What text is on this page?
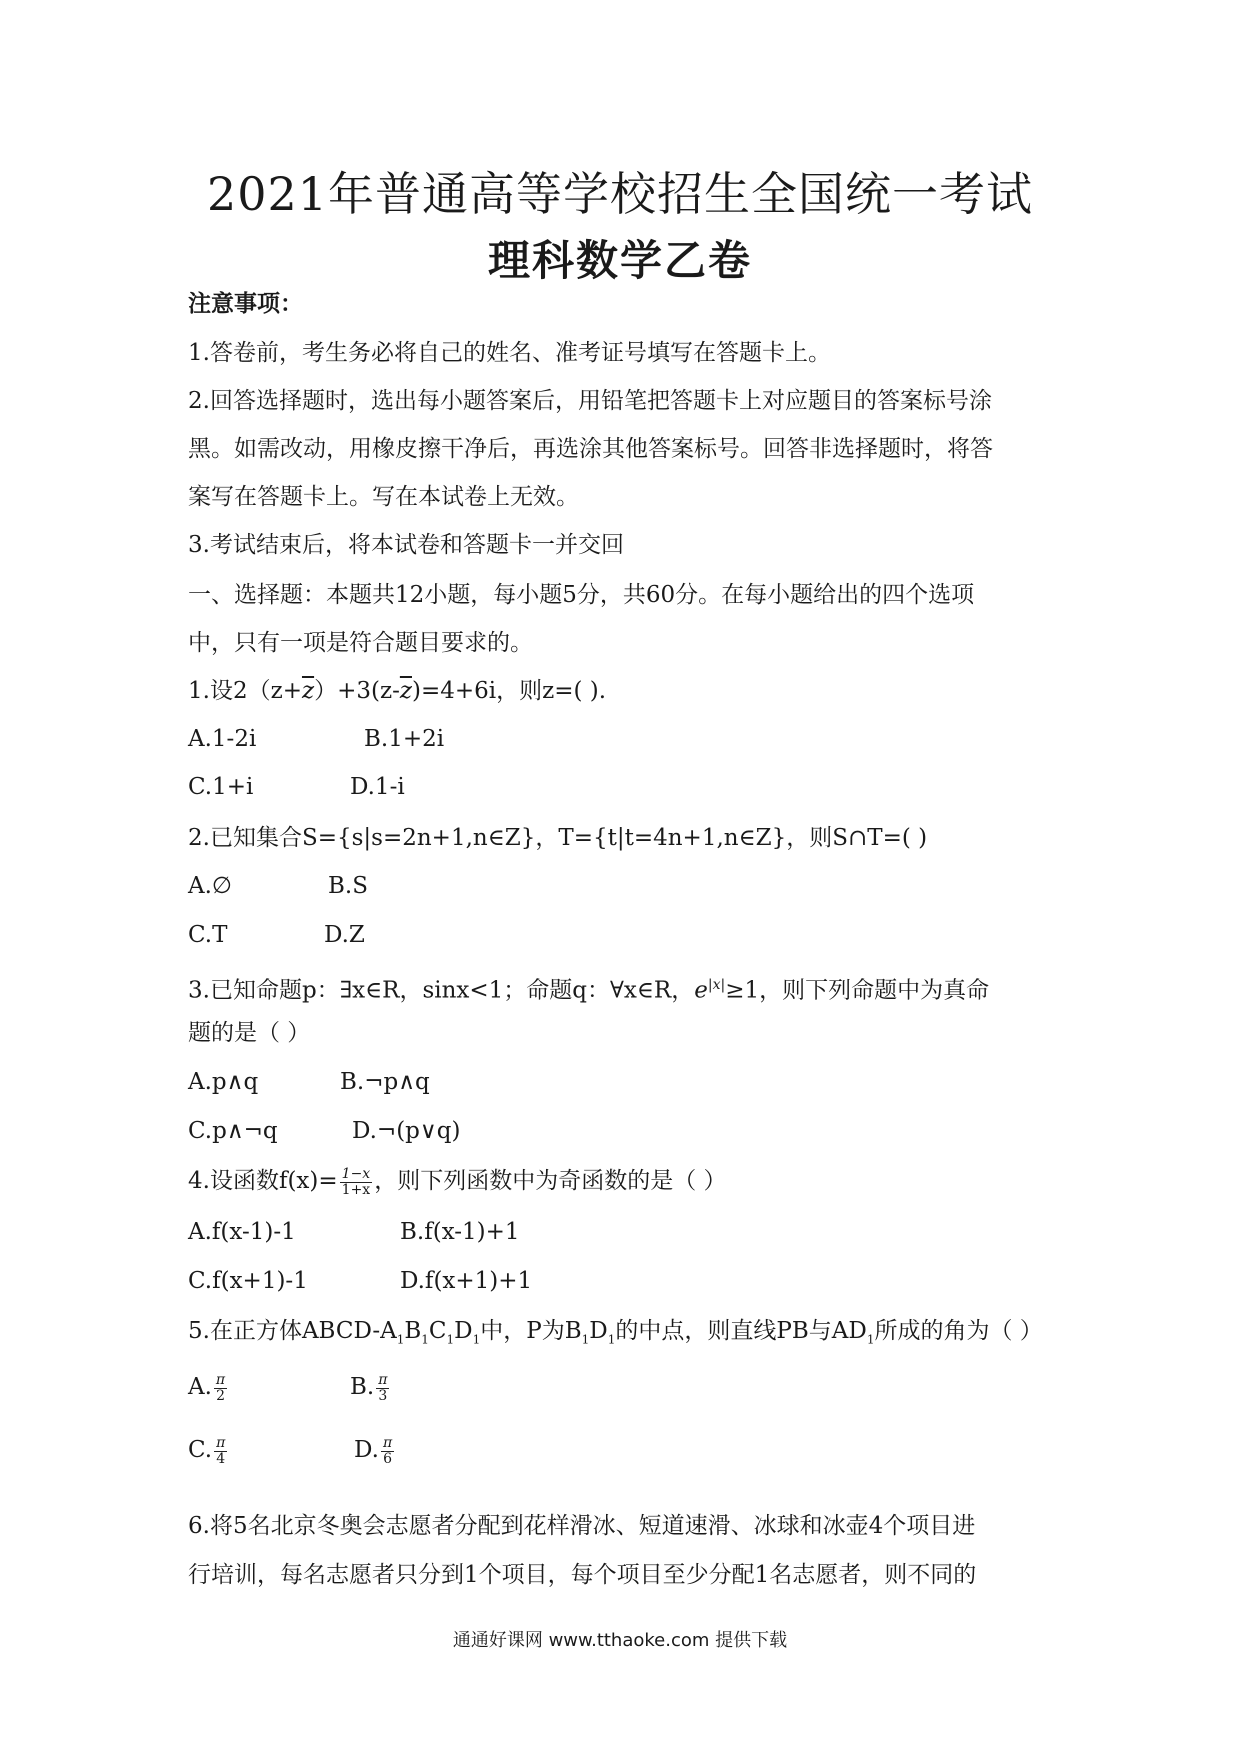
2021年普通高等学校招生全国统一考试
理科数学乙卷
注意事项：
1.答卷前，考生务必将自己的姓名、准考证号填写在答题卡上。
2.回答选择题时，选出每小题答案后，用铅笔把答题卡上对应题目的答案标号涂
黑。如需改动，用橡皮擦干净后，再选涂其他答案标号。回答非选择题时，将答
案写在答题卡上。写在本试卷上无效。
3.考试结束后，将本试卷和答题卡一并交回
一、选择题：本题共12小题，每小题5分，共60分。在每小题给出的四个选项
中，只有一项是符合题目要求的。
1.设$2(z+\overline{z})+3(z-\overline{z})=4+6i$，则z=( ).
A.1-2i	B.1+2i
C.1+i	D.1-i
2.已知集合S={s|s=2n+1,n∈Z}，T={t|t=4n+1,n∈Z}，则S∩T=( )
A.∅	B.S
C.T	D.Z
3.已知命题p：∃x∈R，sinx<1；命题q：∀x∈R，$e^{|x|}\ge 1$，则下列命题中为真命
题的是（ ）
A.p∧q	B.¬p∧q
C.p∧¬q	D.¬(p∨q)
4.设函数$f(x)= \frac{1-x}{1+x}$ ，则下列函数中为奇函数的是（ ）
A.f(x-1)-1	B.f(x-1)+1
C.f(x+1)-1	D.f(x+1)+1
5.在正方体ABCD-$A_1B_1C_1D_1$中，P为$B_1D_1$的中点，则直线PB与$AD_1$所成的角为（ ）
A. $\frac{\pi}{2}$	B. $\frac{\pi}{3}$
C. $\frac{\pi}{4}$	D. $\frac{\pi}{6}$
6.将5名北京冬奥会志愿者分配到花样滑冰、短道速滑、冰球和冰壶4个项目进
行培训，每名志愿者只分到1个项目，每个项目至少分配1名志愿者，则不同的
通通好课网 www.tthaoke.com 提供下载
